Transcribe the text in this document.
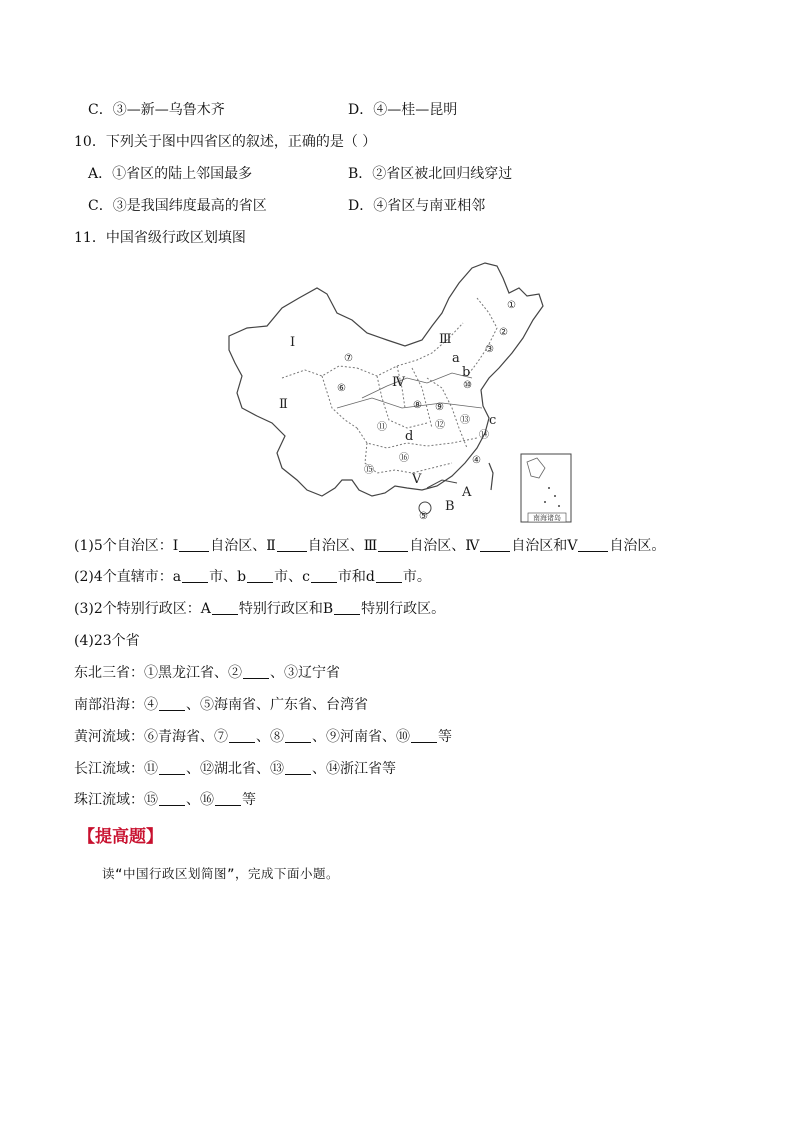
C．③—新—乌鲁木齐	D．④—桂—昆明
10．下列关于图中四省区的叙述，正确的是（ ）
A．①省区的陆上邻国最多	B．②省区被北回归线穿过
C．③是我国纬度最高的省区	D．④省区与南亚相邻
11．中国省级行政区划填图
南海诸岛
Ⅰ
Ⅱ
Ⅲ
Ⅳ
Ⅴ
a
b
c
d
A
B
①
②
③
④
⑤
⑥
⑦
⑧ ⑨
⑩
⑪	⑫ ⑬
⑭
⑮
⑯
(1)5个自治区：Ⅰ 自治区、Ⅱ 自治区、Ⅲ 自治区、Ⅳ 自治区和Ⅴ 自治区。
(2)4个直辖市：a 市、b 市、c 市和d 市。
(3)2个特别行政区：A 特别行政区和B 特别行政区。
(4)23个省
东北三省：①黑龙江省、② 、③辽宁省
南部沿海：④ 、⑤海南省、广东省、台湾省
黄河流域：⑥青海省、⑦ 、⑧ 、⑨河南省、⑩ 等
长江流域：⑪ 、⑫湖北省、⑬ 、⑭浙江省等
珠江流域：⑮ 、⑯ 等
【提高题】
读“中国行政区划简图”，完成下面小题。
